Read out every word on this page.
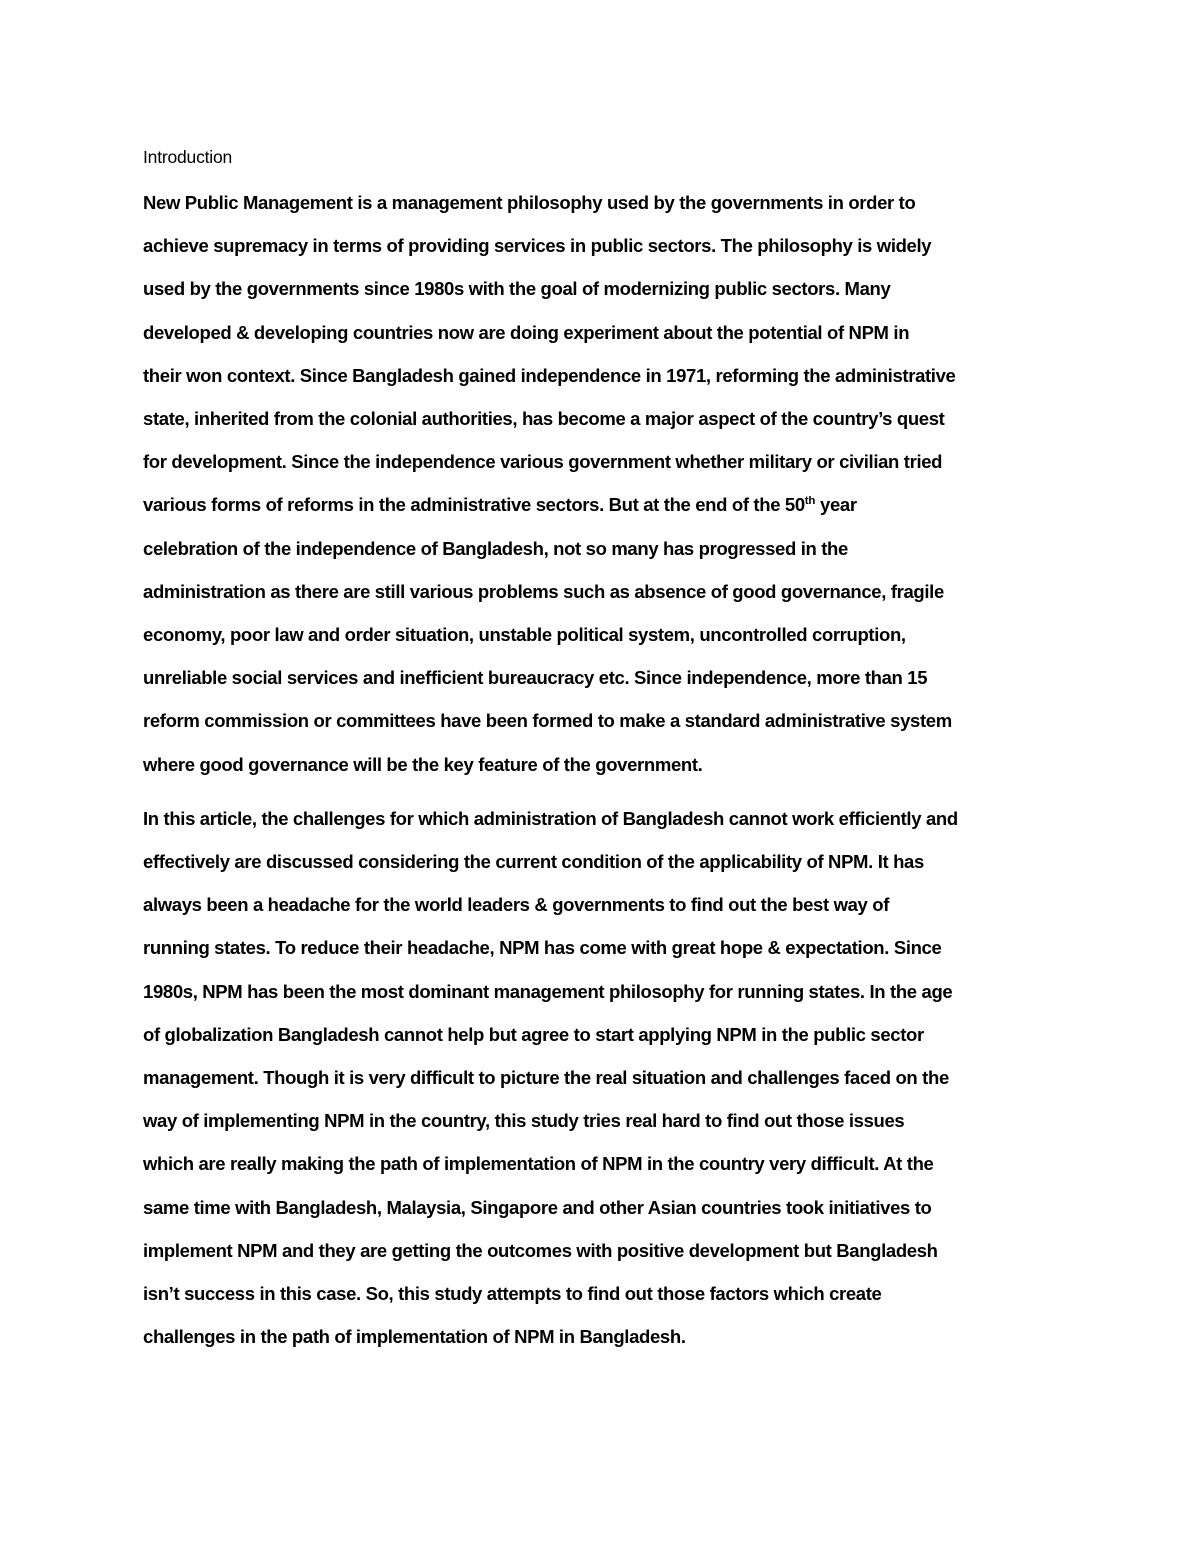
Introduction

New Public Management is a management philosophy used by the governments in order to
achieve supremacy in terms of providing services in public sectors. The philosophy is widely
used by the governments since 1980s with the goal of modernizing public sectors. Many
developed & developing countries now are doing experiment about the potential of NPM in
their won context. Since Bangladesh gained independence in 1971, reforming the administrative
state, inherited from the colonial authorities, has become a major aspect of the country’s quest
for development. Since the independence various government whether military or civilian tried
various forms of reforms in the administrative sectors. But at the end of the 50th year
celebration of the independence of Bangladesh, not so many has progressed in the
administration as there are still various problems such as absence of good governance, fragile
economy, poor law and order situation, unstable political system, uncontrolled corruption,
unreliable social services and inefficient bureaucracy etc. Since independence, more than 15
reform commission or committees have been formed to make a standard administrative system
where good governance will be the key feature of the government.

In this article, the challenges for which administration of Bangladesh cannot work efficiently and
effectively are discussed considering the current condition of the applicability of NPM. It has
always been a headache for the world leaders & governments to find out the best way of
running states. To reduce their headache, NPM has come with great hope & expectation. Since
1980s, NPM has been the most dominant management philosophy for running states. In the age
of globalization Bangladesh cannot help but agree to start applying NPM in the public sector
management. Though it is very difficult to picture the real situation and challenges faced on the
way of implementing NPM in the country, this study tries real hard to find out those issues
which are really making the path of implementation of NPM in the country very difficult. At the
same time with Bangladesh, Malaysia, Singapore and other Asian countries took initiatives to
implement NPM and they are getting the outcomes with positive development but Bangladesh
isn’t success in this case. So, this study attempts to find out those factors which create
challenges in the path of implementation of NPM in Bangladesh.
